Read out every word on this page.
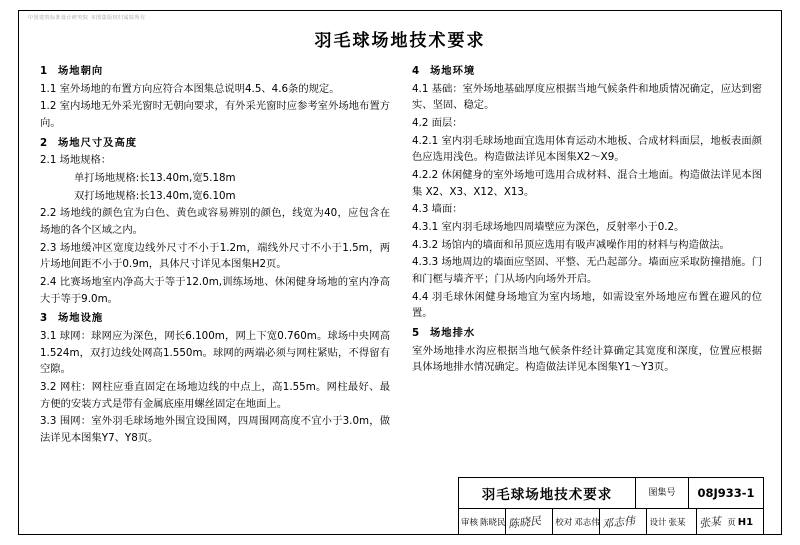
中国建筑标准设计研究院 本图集版权归属院所有
羽毛球场地技术要求

1 场地朝向

1.1 室外场地的布置方向应符合本图集总说明4.5、4.6条的规定。

1.2 室内场地无外采光窗时无朝向要求，有外采光窗时应参考室外场地布置方向。

2 场地尺寸及高度

2.1 场地规格：

单打场地规格:长13.40m,宽5.18m

双打场地规格:长13.40m,宽6.10m

2.2 场地线的颜色宜为白色、黄色或容易辨别的颜色，线宽为40，应包含在场地的各个区域之内。

2.3 场地缓冲区宽度边线外尺寸不小于1.2m，端线外尺寸不小于1.5m，两片场地间距不小于0.9m，具体尺寸详见本图集H2页。

2.4 比赛场地室内净高大于等于12.0m,训练场地、休闲健身场地的室内净高大于等于9.0m。

3 场地设施

3.1 球网：球网应为深色，网长6.100m，网上下宽0.760m。球场中央网高1.524m，双打边线处网高1.550m。球网的两端必须与网柱紧贴，不得留有空隙。

3.2 网柱：网柱应垂直固定在场地边线的中点上，高1.55m。网柱最好、最方便的安装方式是带有金属底座用螺丝固定在地面上。

3.3 围网：室外羽毛球场地外围宜设围网，四周围网高度不宜小于3.0m，做法详见本图集Y7、Y8页。

4 场地环境

4.1 基础：室外场地基础厚度应根据当地气候条件和地质情况确定，应达到密实、坚固、稳定。

4.2 面层：

4.2.1 室内羽毛球场地面宜选用体育运动木地板、合成材料面层，地板表面颜色应选用浅色。构造做法详见本图集X2～X9。

4.2.2 休闲健身的室外场地可选用合成材料、混合土地面。构造做法详见本图集 X2、X3、X12、X13。

4.3 墙面：

4.3.1 室内羽毛球场地四周墙壁应为深色，反射率小于0.2。

4.3.2 场馆内的墙面和吊顶应选用有吸声减噪作用的材料与构造做法。

4.3.3 场地周边的墙面应坚固、平整、无凸起部分。墙面应采取防撞措施。门和门框与墙齐平；门从场内向场外开启。

4.4 羽毛球休闲健身场地宜为室内场地，如需设室外场地应布置在避风的位置。

5 场地排水

室外场地排水沟应根据当地气候条件经计算确定其宽度和深度，位置应根据具体场地排水情况确定。构造做法详见本图集Y1～Y3页。

羽毛球场地技术要求	图集号	08J933-1
审核 陈晓民 陈晓民 校对 邓志伟 邓志伟 设计 张某 张某 页 H1
